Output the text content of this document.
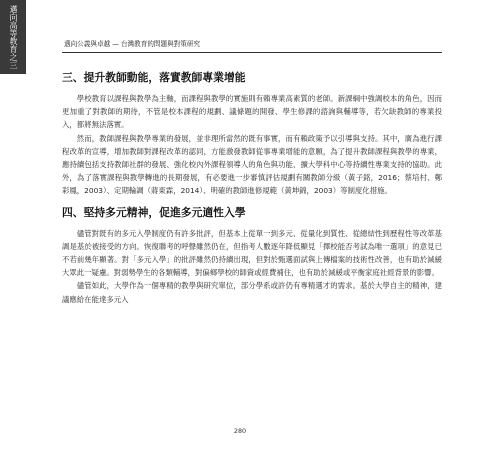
邁向高等教育之三	邁向公義與卓越 — 台灣教育的問題與對策研究
三、提升教師動能，落實教師專業增能

學校教育以課程與教學為主軸，而課程與教學的實施則有賴專業高素質的老師。新課綱中強調校本的角色，因而更加重了對教師的期待，不管是校本課程的規劃、議條題的開發、學生修課的諮詢與輔導等，若欠缺教師的專業投入，都將無法落實。

然而，教師課程與教學專業的發展，並非理所當然的既有事實，而有賴政策予以引導與支持。其中，廣為進行課程改革的宣導，增加教師對課程改革的認同，方能激發教師從事專業增能的意願，為了提升教師課程與教學的專業，應持續包括支持教師社群的發展、強化校內外課程領導人的角色與功能、擴大學科中心等持續性專業支持的協助。此外，為了落實課程與教學轉進的長期發展，有必要進一步審慎評估規劃有關教師分級（黃子銘，2016；蔡培村、鄭彩鳳，2003）、定期輪調（蔣東霖，2014）、明確的教師進修規範（黃坤錦，2003）等制度化措施。

四、堅持多元精神，促進多元適性入學

儘管對既有的多元入學制度仍有許多批評，但基本上從單一到多元、從量化到質性、從總結性到歷程性等改革基調是基於被接受的方向。恢復聯考的呼聲雖然仍在，但指考人數逐年降低顯見「擇校能否考試為唯一選項」的意見已不若前幾年顯著。對「多元入學」的批評雖然仍持續出現，但對於甄選面試與上傳檔案的技術性改善，也有助於減緩大眾此一疑慮。對弱勢學生的各類輔導，對偏鄉學校的師資或經費補住，也有助於減緩或平衡家庭社經背景的影響。

儘管如此，大學作為一個專精的教學與研究單位，部分學系或許仍有專精選才的需求。基於大學自主的精神，建議應給在能達多元入

280
